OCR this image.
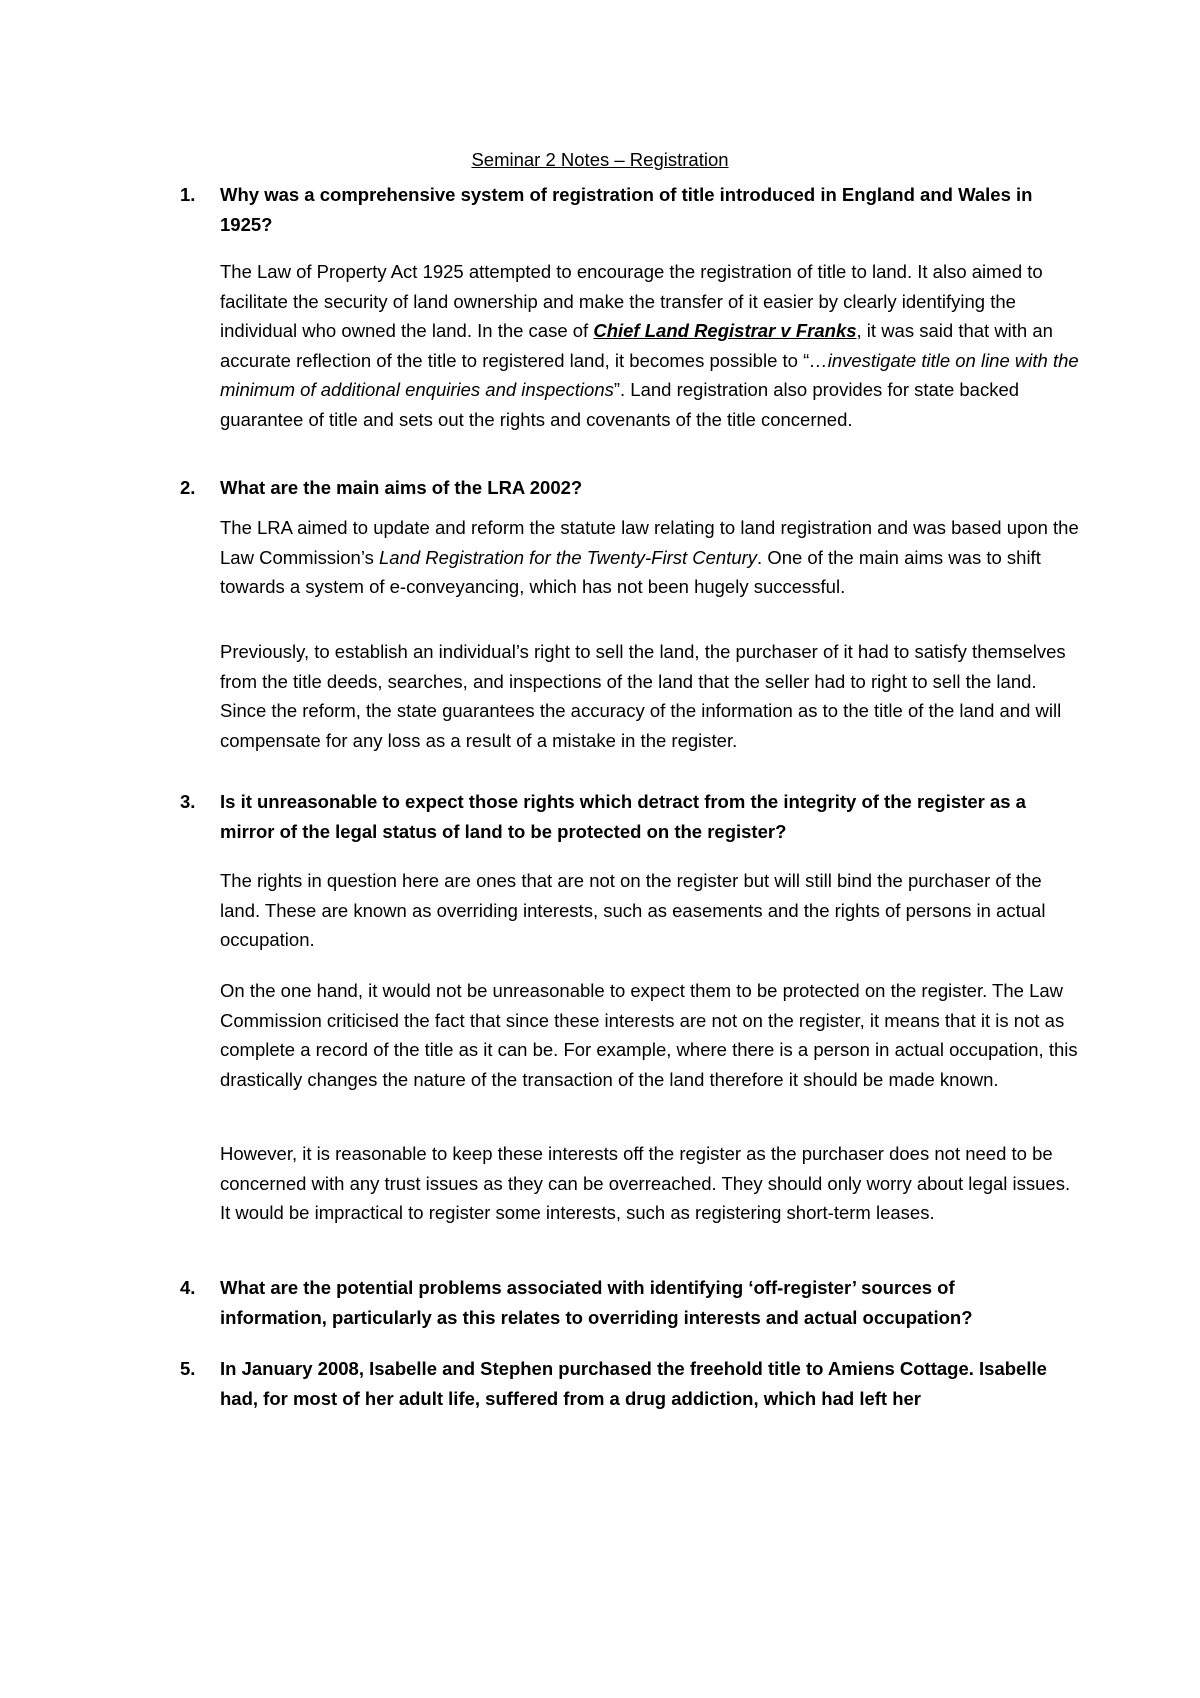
Seminar 2 Notes – Registration
1. Why was a comprehensive system of registration of title introduced in England and Wales in 1925?
The Law of Property Act 1925 attempted to encourage the registration of title to land. It also aimed to facilitate the security of land ownership and make the transfer of it easier by clearly identifying the individual who owned the land. In the case of Chief Land Registrar v Franks, it was said that with an accurate reflection of the title to registered land, it becomes possible to “…investigate title on line with the minimum of additional enquiries and inspections”. Land registration also provides for state backed guarantee of title and sets out the rights and covenants of the title concerned.
2. What are the main aims of the LRA 2002?
The LRA aimed to update and reform the statute law relating to land registration and was based upon the Law Commission’s Land Registration for the Twenty-First Century. One of the main aims was to shift towards a system of e-conveyancing, which has not been hugely successful.
Previously, to establish an individual’s right to sell the land, the purchaser of it had to satisfy themselves from the title deeds, searches, and inspections of the land that the seller had to right to sell the land. Since the reform, the state guarantees the accuracy of the information as to the title of the land and will compensate for any loss as a result of a mistake in the register.
3. Is it unreasonable to expect those rights which detract from the integrity of the register as a mirror of the legal status of land to be protected on the register?
The rights in question here are ones that are not on the register but will still bind the purchaser of the land. These are known as overriding interests, such as easements and the rights of persons in actual occupation.
On the one hand, it would not be unreasonable to expect them to be protected on the register. The Law Commission criticised the fact that since these interests are not on the register, it means that it is not as complete a record of the title as it can be. For example, where there is a person in actual occupation, this drastically changes the nature of the transaction of the land therefore it should be made known.
However, it is reasonable to keep these interests off the register as the purchaser does not need to be concerned with any trust issues as they can be overreached. They should only worry about legal issues. It would be impractical to register some interests, such as registering short-term leases.
4. What are the potential problems associated with identifying ‘off-register’ sources of information, particularly as this relates to overriding interests and actual occupation?
5. In January 2008, Isabelle and Stephen purchased the freehold title to Amiens Cottage. Isabelle had, for most of her adult life, suffered from a drug addiction, which had left her
